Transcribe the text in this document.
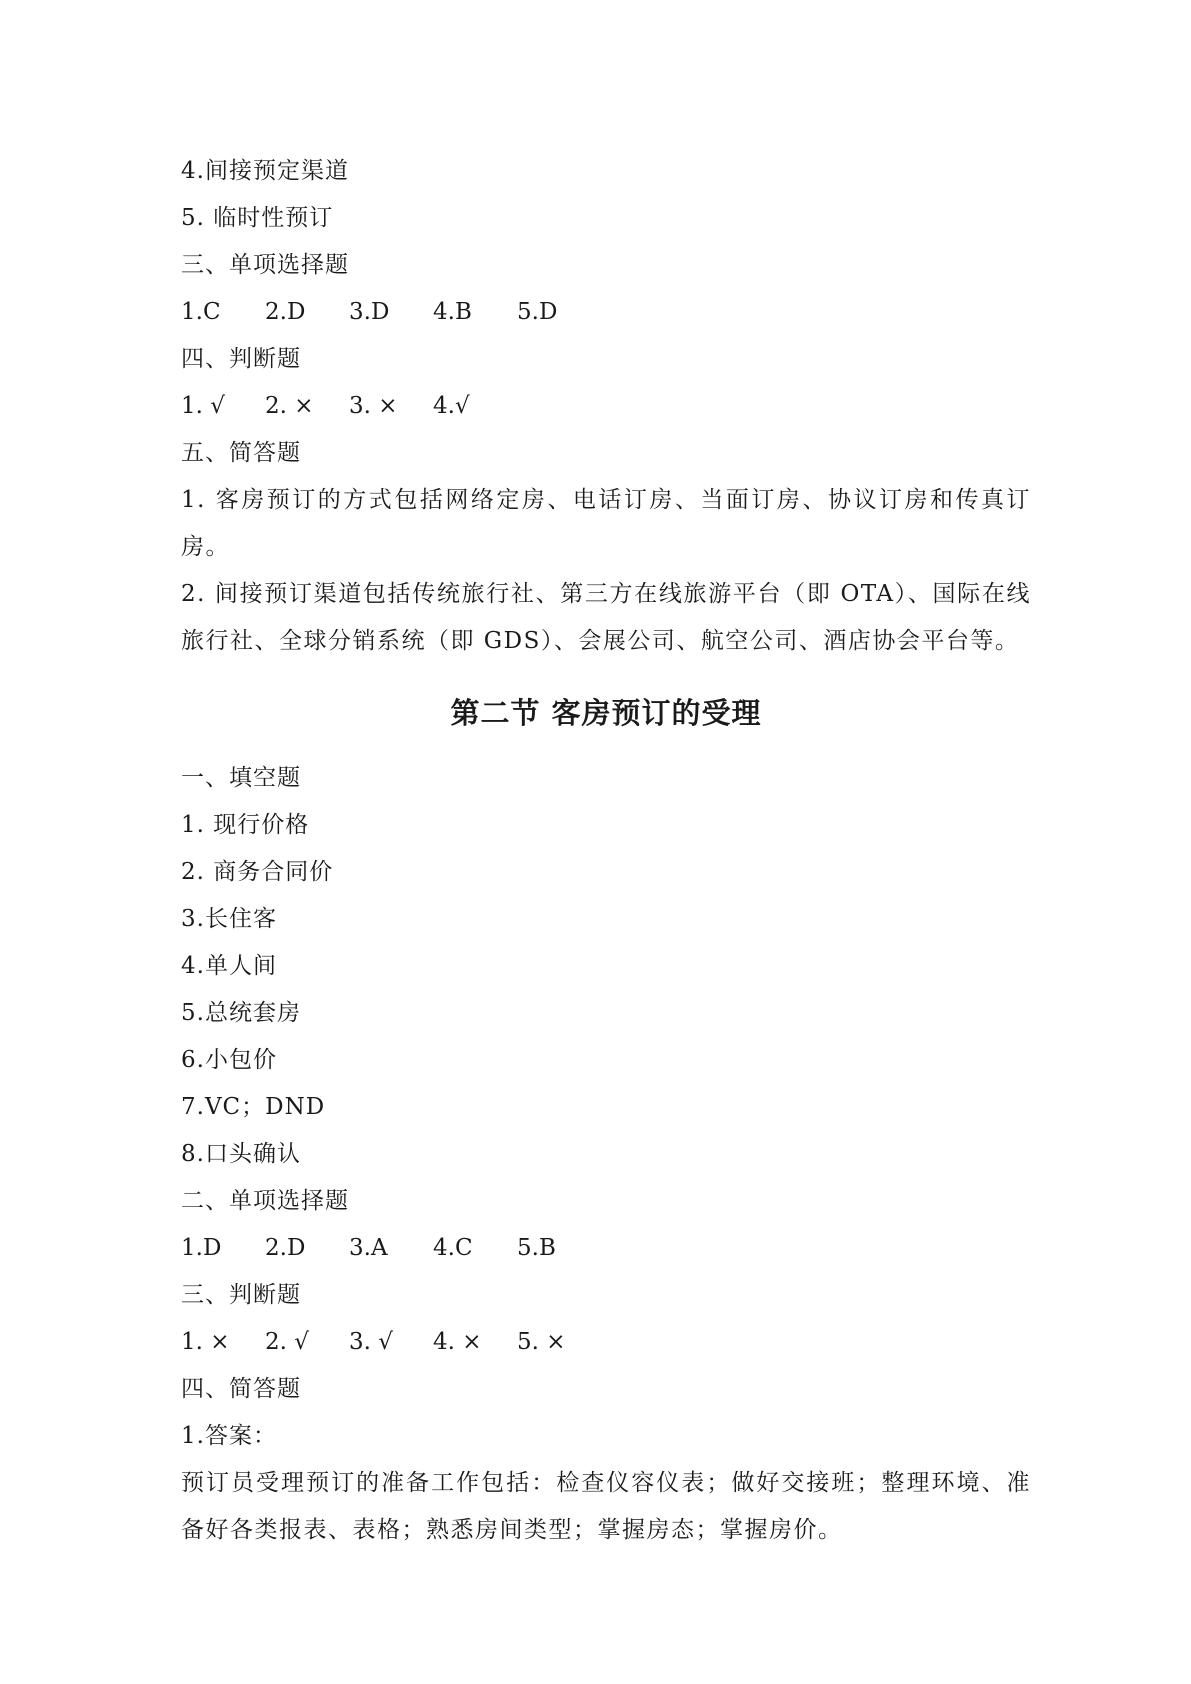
4.间接预定渠道
5. 临时性预订
三、单项选择题
1.C	2.D	3.D	4.B	5.D
四、判断题
1. √	2. ×	3. ×	4.√
五、简答题
1. 客房预订的方式包括网络定房、电话订房、当面订房、协议订房和传真订房。
2. 间接预订渠道包括传统旅行社、第三方在线旅游平台（即 OTA）、国际在线旅行社、全球分销系统（即 GDS）、会展公司、航空公司、酒店协会平台等。
第二节 客房预订的受理
一、填空题
1. 现行价格
2. 商务合同价
3.长住客
4.单人间
5.总统套房
6.小包价
7.VC；DND
8.口头确认
二、单项选择题
1.D	2.D	3.A	4.C	5.B
三、判断题
1. ×	2. √	3. √	4. ×	5. ×
四、简答题
1.答案：
预订员受理预订的准备工作包括：检查仪容仪表；做好交接班；整理环境、准备好各类报表、表格；熟悉房间类型；掌握房态；掌握房价。
